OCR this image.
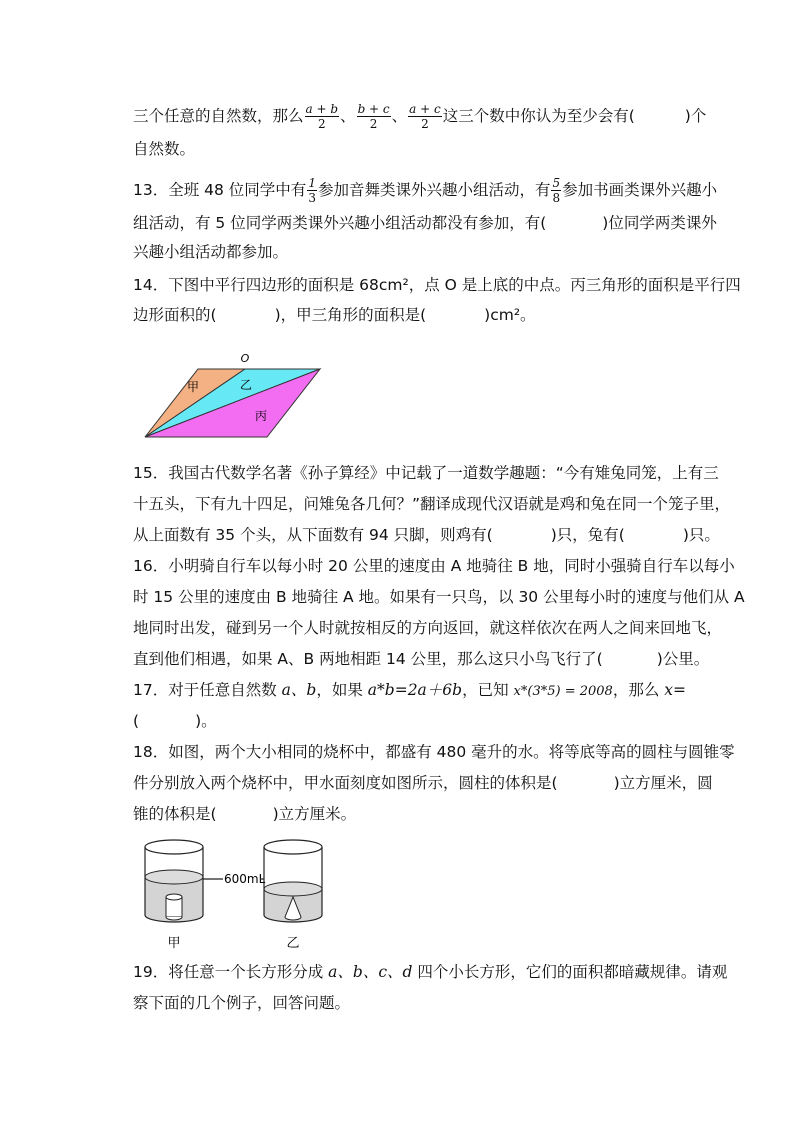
三个任意的自然数，那么 $\frac{a + b}{2}$ 、 $\frac{b + c}{2}$ 、 $\frac{a + c}{2}$ 这三个数中你认为至少会有(	)个
自然数。
13．全班 48 位同学中有 $\frac{1}{3}$ 参加音舞类课外兴趣小组活动，有 $\frac{5}{8}$ 参加书画类课外兴趣小
组活动，有 5 位同学两类课外兴趣小组活动都没有参加，有(	)位同学两类课外
兴趣小组活动都参加。
14．下图中平行四边形的面积是 68cm²，点 O 是上底的中点。丙三角形的面积是平行四
边形面积的(	)，甲三角形的面积是(	)cm²。
O
甲	乙
丙
15．我国古代数学名著《孙子算经》中记载了一道数学趣题：“今有雉兔同笼，上有三
十五头，下有九十四足，问雉兔各几何？”翻译成现代汉语就是鸡和兔在同一个笼子里，
从上面数有 35 个头，从下面数有 94 只脚，则鸡有(	)只，兔有(	)只。
16．小明骑自行车以每小时 20 公里的速度由 A 地骑往 B 地，同时小强骑自行车以每小
时 15 公里的速度由 B 地骑往 A 地。如果有一只鸟，以 30 公里每小时的速度与他们从 A
地同时出发，碰到另一个人时就按相反的方向返回，就这样依次在两人之间来回地飞，
直到他们相遇，如果 A、B 两地相距 14 公里，那么这只小鸟飞行了(	)公里。
17．对于任意自然数 a、b，如果 a*b=2a＋6b，已知 x*(3*5) = 2008，那么 x=
(	)。
18．如图，两个大小相同的烧杯中，都盛有 480 毫升的水。将等底等高的圆柱与圆锥零
件分别放入两个烧杯中，甲水面刻度如图所示，圆柱的体积是(	)立方厘米，圆
锥的体积是(	)立方厘米。
600mL
甲	乙
19．将任意一个长方形分成 a、b、c、d 四个小长方形，它们的面积都暗藏规律。请观
察下面的几个例子，回答问题。
